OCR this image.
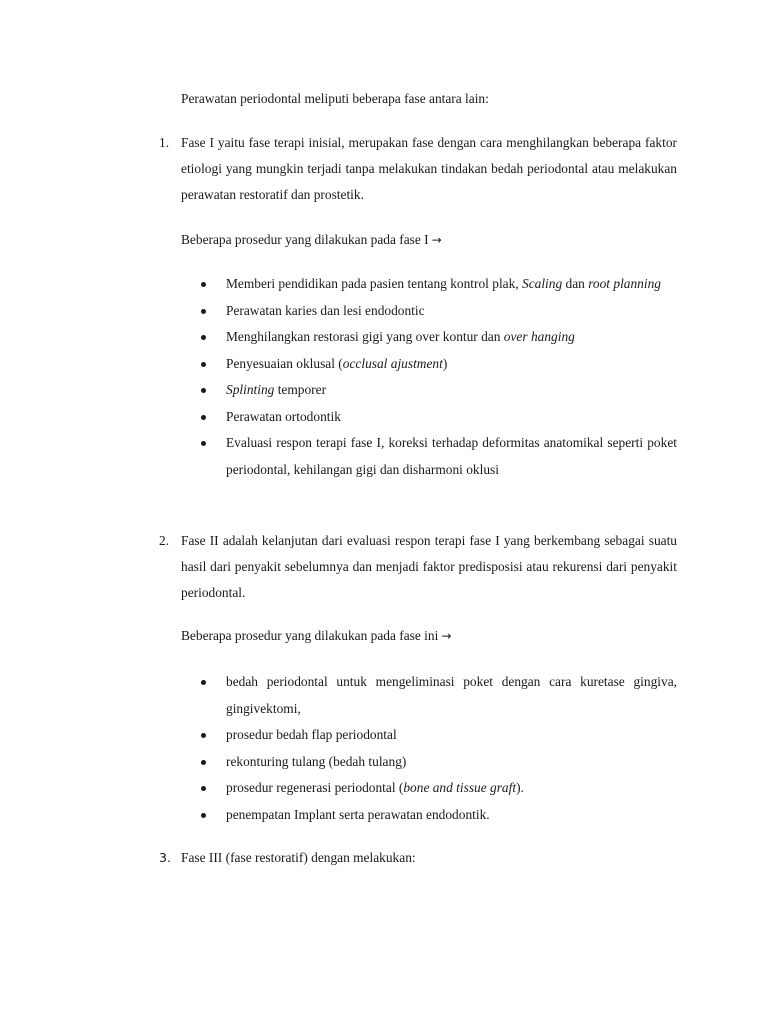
Perawatan periodontal meliputi beberapa fase antara lain:

1. Fase I yaitu fase terapi inisial, merupakan fase dengan cara menghilangkan beberapa faktor etiologi yang mungkin terjadi tanpa melakukan tindakan bedah periodontal atau melakukan perawatan restoratif dan prostetik.

Beberapa prosedur yang dilakukan pada fase I →

Memberi pendidikan pada pasien tentang kontrol plak, Scaling dan root planning

Perawatan karies dan lesi endodontic

Menghilangkan restorasi gigi yang over kontur dan over hanging

Penyesuaian oklusal (occlusal ajustment)

Splinting temporer

Perawatan ortodontik

Evaluasi respon terapi fase I, koreksi terhadap deformitas anatomikal seperti poket periodontal, kehilangan gigi dan disharmoni oklusi

2. Fase II adalah kelanjutan dari evaluasi respon terapi fase I yang berkembang sebagai suatu hasil dari penyakit sebelumnya dan menjadi faktor predisposisi atau rekurensi dari penyakit periodontal.

Beberapa prosedur yang dilakukan pada fase ini →

bedah periodontal untuk mengeliminasi poket dengan cara kuretase gingiva, gingivektomi,

prosedur bedah flap periodontal

rekonturing tulang (bedah tulang)

prosedur regenerasi periodontal (bone and tissue graft).

penempatan Implant serta perawatan endodontik.

3. Fase III (fase restoratif) dengan melakukan:
